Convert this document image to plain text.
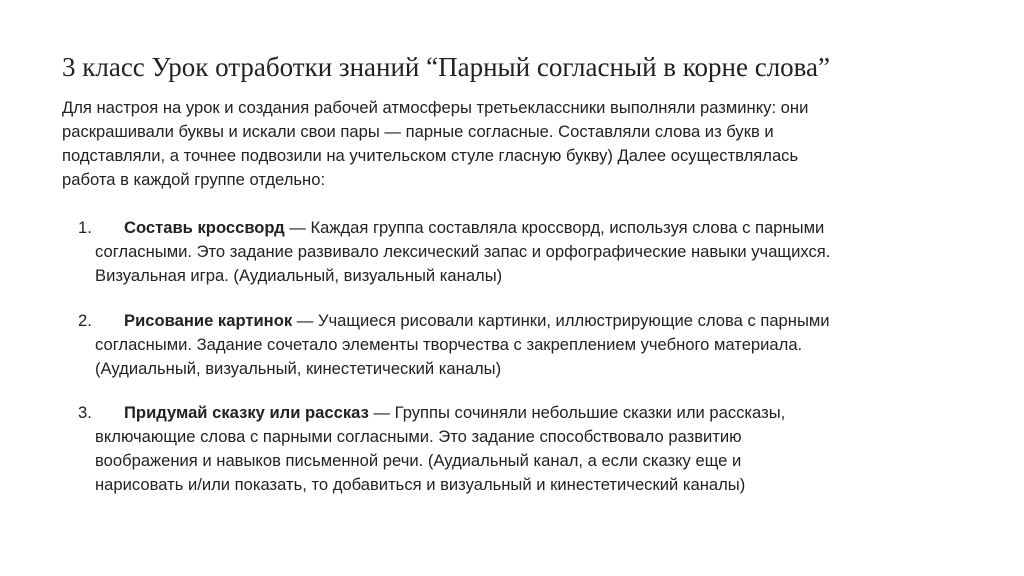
3 класс Урок отработки знаний “Парный согласный в корне слова”
Для настроя на урок и создания рабочей атмосферы третьеклассники выполняли разминку: они
раскрашивали буквы и искали свои пары — парные согласные. Составляли слова из букв и
подставляли, а точнее подвозили на учительском стуле гласную букву) Далее осуществлялась
работа в каждой группе отдельно:
1. Составь кроссворд — Каждая группа составляла кроссворд, используя слова с парными
согласными. Это задание развивало лексический запас и орфографические навыки учащихся.
Визуальная игра. (Аудиальный, визуальный каналы)
2. Рисование картинок — Учащиеся рисовали картинки, иллюстрирующие слова с парными
согласными. Задание сочетало элементы творчества с закреплением учебного материала.
(Аудиальный, визуальный, кинестетический каналы)
3. Придумай сказку или рассказ — Группы сочиняли небольшие сказки или рассказы,
включающие слова с парными согласными. Это задание способствовало развитию
воображения и навыков письменной речи. (Аудиальный канал, а если сказку еще и
нарисовать и/или показать, то добавиться и визуальный и кинестетический каналы)
